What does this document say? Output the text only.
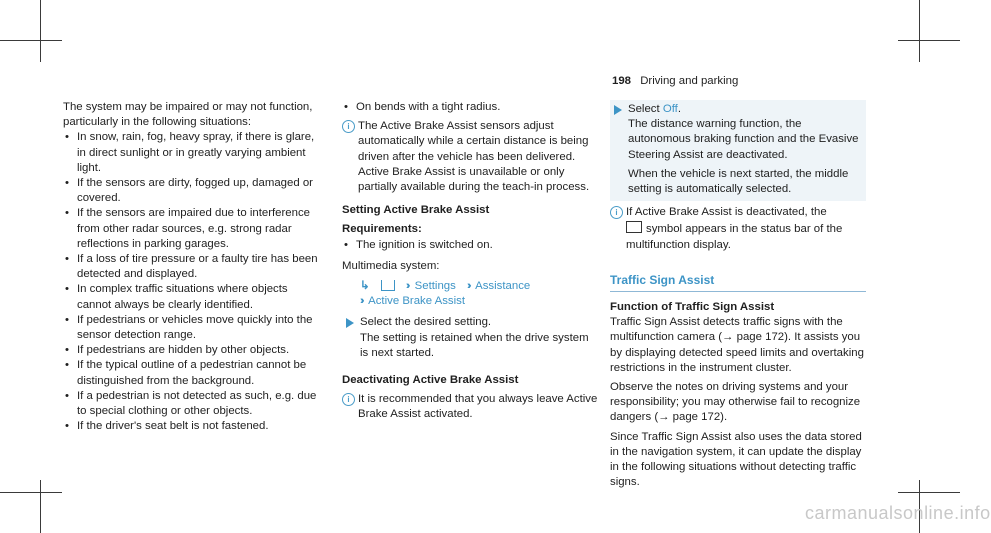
198 Driving and parking

The system may be impaired or may not function, particularly in the following situations:

• In snow, rain, fog, heavy spray, if there is glare, in direct sunlight or in greatly varying ambient light.
• If the sensors are dirty, fogged up, damaged or covered.
• If the sensors are impaired due to interference from other radar sources, e.g. strong radar reflections in parking garages.
• If a loss of tire pressure or a faulty tire has been detected and displayed.
• In complex traffic situations where objects cannot always be clearly identified.
• If pedestrians or vehicles move quickly into the sensor detection range.
• If pedestrians are hidden by other objects.
• If the typical outline of a pedestrian cannot be distinguished from the background.
• If a pedestrian is not detected as such, e.g. due to special clothing or other objects.
• If the driver's seat belt is not fastened.
• On bends with a tight radius.
i The Active Brake Assist sensors adjust automatically while a certain distance is being driven after the vehicle has been delivered. Active Brake Assist is unavailable or only partially available during the teach-in process.

Setting Active Brake Assist

Requirements:

• The ignition is switched on.

Multimedia system:

↳	›› Settings ›› Assistance
›› Active Brake Assist
Select the desired setting.
The setting is retained when the drive system is next started.

Deactivating Active Brake Assist

i It is recommended that you always leave Active Brake Assist activated.
Select Off.
The distance warning function, the autonomous braking function and the Evasive Steering Assist are deactivated.
When the vehicle is next started, the middle setting is automatically selected.
i If Active Brake Assist is deactivated, the
symbol appears in the status bar of the multifunction display.
Traffic Sign Assist

Function of Traffic Sign Assist

Traffic Sign Assist detects traffic signs with the multifunction camera (→ page 172). It assists you by displaying detected speed limits and overtaking restrictions in the instrument cluster.

Observe the notes on driving systems and your responsibility; you may otherwise fail to recognize dangers (→ page 172).

Since Traffic Sign Assist also uses the data stored in the navigation system, it can update the display in the following situations without detecting traffic signs.

carmanualsonline.info
